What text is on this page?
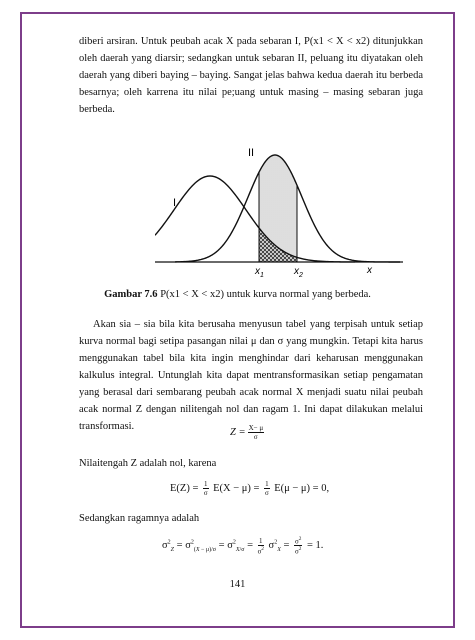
diberi arsiran. Untuk peubah acak X pada sebaran I, P(x1 < X < x2) ditunjukkan oleh daerah yang diarsir; sedangkan untuk sebaran II, peluang itu diyatakan oleh daerah yang diberi baying – baying. Sangat jelas bahwa kedua daerah itu berbeda besarnya; oleh karrena itu nilai pe;uang untuk masing – masing sebaran juga berbeda.

I
II
$x_1$	$x_2$	x
Gambar 7.6 P(x1 < X < x2) untuk kurva normal yang berbeda.

Akan sia – sia bila kita berusaha menyusun tabel yang terpisah untuk setiap kurva normal bagi setipa pasangan nilai μ dan σ yang mungkin. Tetapi kita harus menggunakan tabel bila kita ingin menghindar dari keharusan menggunakan kalkulus integral. Untunglah kita dapat mentransformasikan setiap pengamatan yang berasal dari sembarang peubah acak normal X menjadi suatu nilai peubah acak normal Z dengan nilitengah nol dan ragam 1. Ini dapat dilakukan melalui transformasi.

$Z = \frac{X- \mu}{\sigma}$
Nilaitengah Z adalah nol, karena
$E(Z) = \frac{1}{\sigma} E(X - \mu) = \frac{1}{\sigma} E(\mu - \mu) = 0$,
Sedangkan ragamnya adalah
$\sigma^2_Z = \sigma^2_{(X - \mu)/\sigma} = \sigma^2_{X/\sigma} = \frac{1}{\sigma^2} \sigma^2_X = \frac{\sigma^2}{\sigma^2} = 1$.
141
